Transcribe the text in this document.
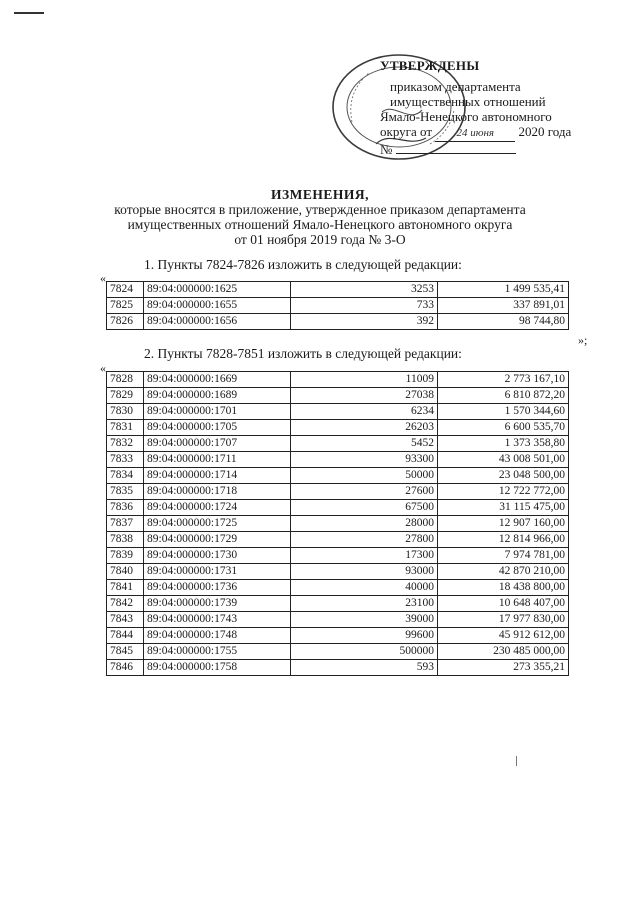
УТВЕРЖДЕНЫ
приказом департамента
имущественных отношений
Ямало-Ненецкого автономного
округа от 24 июня 2020 года
№
ИЗМЕНЕНИЯ,
которые вносятся в приложение, утвержденное приказом департамента
имущественных отношений Ямало-Ненецкого автономного округа
от 01 ноября 2019 года № 3-О
1. Пункты 7824-7826 изложить в следующей редакции:
«
7824	89:04:000000:1625	3253	1 499 535,41
7825	89:04:000000:1655	733	337 891,01
7826	89:04:000000:1656	392	98 744,80
»;
2. Пункты 7828-7851 изложить в следующей редакции:
«
7828	89:04:000000:1669	11009	2 773 167,10
7829	89:04:000000:1689	27038	6 810 872,20
7830	89:04:000000:1701	6234	1 570 344,60
7831	89:04:000000:1705	26203	6 600 535,70
7832	89:04:000000:1707	5452	1 373 358,80
7833	89:04:000000:1711	93300	43 008 501,00
7834	89:04:000000:1714	50000	23 048 500,00
7835	89:04:000000:1718	27600	12 722 772,00
7836	89:04:000000:1724	67500	31 115 475,00
7837	89:04:000000:1725	28000	12 907 160,00
7838	89:04:000000:1729	27800	12 814 966,00
7839	89:04:000000:1730	17300	7 974 781,00
7840	89:04:000000:1731	93000	42 870 210,00
7841	89:04:000000:1736	40000	18 438 800,00
7842	89:04:000000:1739	23100	10 648 407,00
7843	89:04:000000:1743	39000	17 977 830,00
7844	89:04:000000:1748	99600	45 912 612,00
7845	89:04:000000:1755	500000	230 485 000,00
7846	89:04:000000:1758	593	273 355,21
